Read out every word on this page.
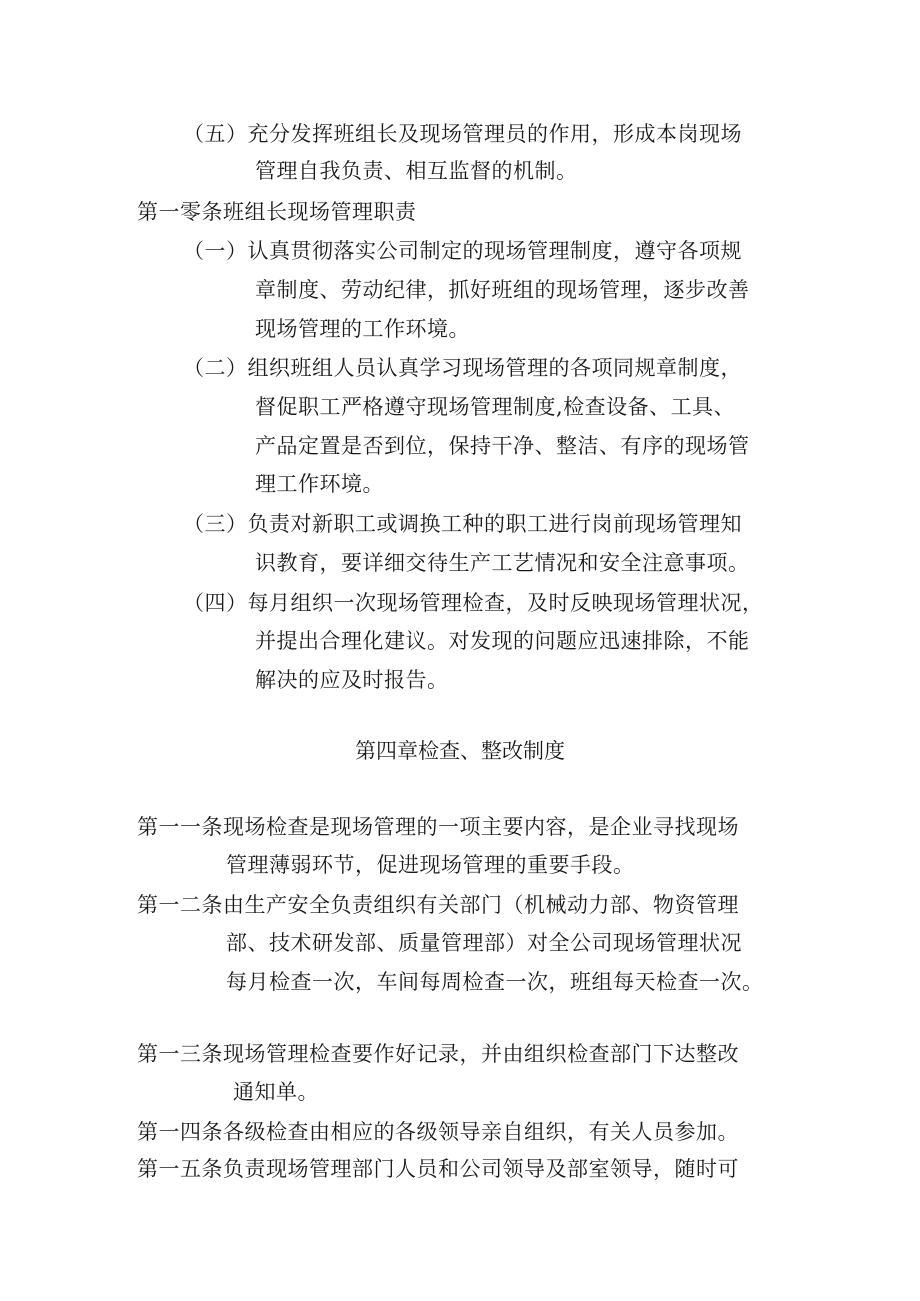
（五）充分发挥班组长及现场管理员的作用，形成本岗现场
管理自我负责、相互监督的机制。
第一零条班组长现场管理职责
（一）认真贯彻落实公司制定的现场管理制度，遵守各项规
章制度、劳动纪律，抓好班组的现场管理，逐步改善
现场管理的工作环境。
（二）组织班组人员认真学习现场管理的各项同规章制度，
督促职工严格遵守现场管理制度,检查设备、工具、
产品定置是否到位，保持干净、整洁、有序的现场管
理工作环境。
（三）负责对新职工或调换工种的职工进行岗前现场管理知
识教育，要详细交待生产工艺情况和安全注意事项。
（四）每月组织一次现场管理检查，及时反映现场管理状况，
并提出合理化建议。对发现的问题应迅速排除，不能
解决的应及时报告。
第四章检查、整改制度
第一一条现场检查是现场管理的一项主要内容，是企业寻找现场
管理薄弱环节，促进现场管理的重要手段。
第一二条由生产安全负责组织有关部门（机械动力部、物资管理
部、技术研发部、质量管理部）对全公司现场管理状况
每月检查一次，车间每周检查一次，班组每天检查一次。
第一三条现场管理检查要作好记录，并由组织检查部门下达整改
通知单。
第一四条各级检查由相应的各级领导亲自组织，有关人员参加。
第一五条负责现场管理部门人员和公司领导及部室领导，随时可
